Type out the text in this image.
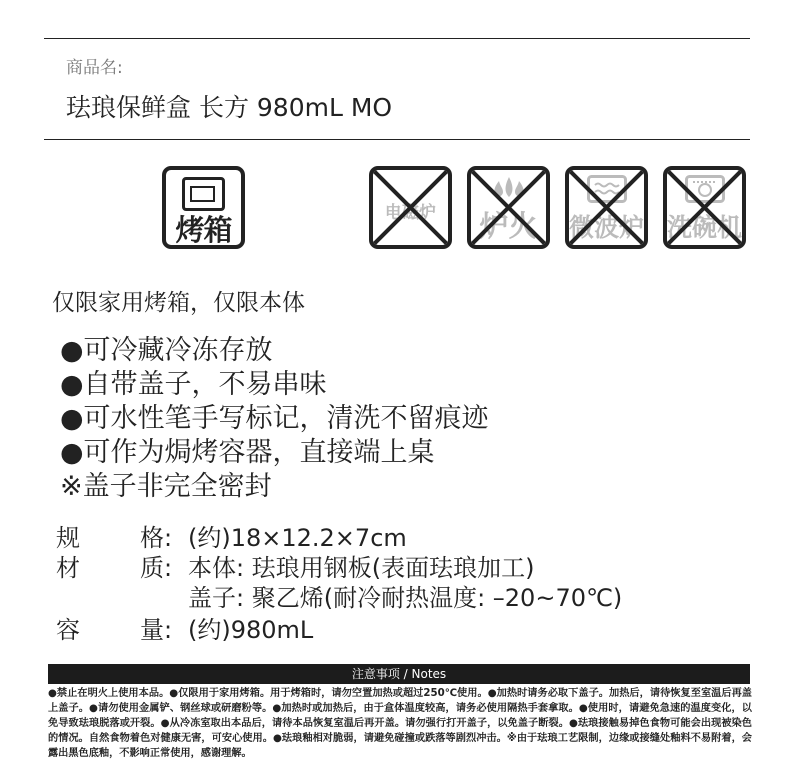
商品名:
珐琅保鲜盒 长方 980mL MO
烤箱	电磁炉	炉火	微波炉 洗碗机
仅限家用烤箱，仅限本体
●可冷藏冷冻存放
●自带盖子，不易串味
●可水性笔手写标记，清洗不留痕迹
●可作为焗烤容器，直接端上桌
※盖子非完全密封
规	格: (约)18×12.2×7cm
材	质: 本体: 珐琅用钢板(表面珐琅加工)
盖子: 聚乙烯(耐冷耐热温度: –20~70℃)
容	量: (约)980mL
注意事项 / Notes
●禁止在明火上使用本品。●仅限用于家用烤箱。用于烤箱时，请勿空置加热或超过250℃使用。●加热时请务必取下盖子。加热后，请待恢复至室温后再盖上盖子。●请勿使用金属铲、钢丝球或研磨粉等。●加热时或加热后，由于盒体温度较高，请务必使用隔热手套拿取。●使用时，请避免急速的温度变化，以免导致珐琅脱落或开裂。●从冷冻室取出本品后，请待本品恢复室温后再开盖。请勿强行打开盖子，以免盖子断裂。●珐琅接触易掉色食物可能会出现被染色的情况。自然食物着色对健康无害，可安心使用。●珐琅釉相对脆弱，请避免碰撞或跌落等剧烈冲击。※由于珐琅工艺限制，边缘或接缝处釉料不易附着，会露出黑色底釉，不影响正常使用，感谢理解。
